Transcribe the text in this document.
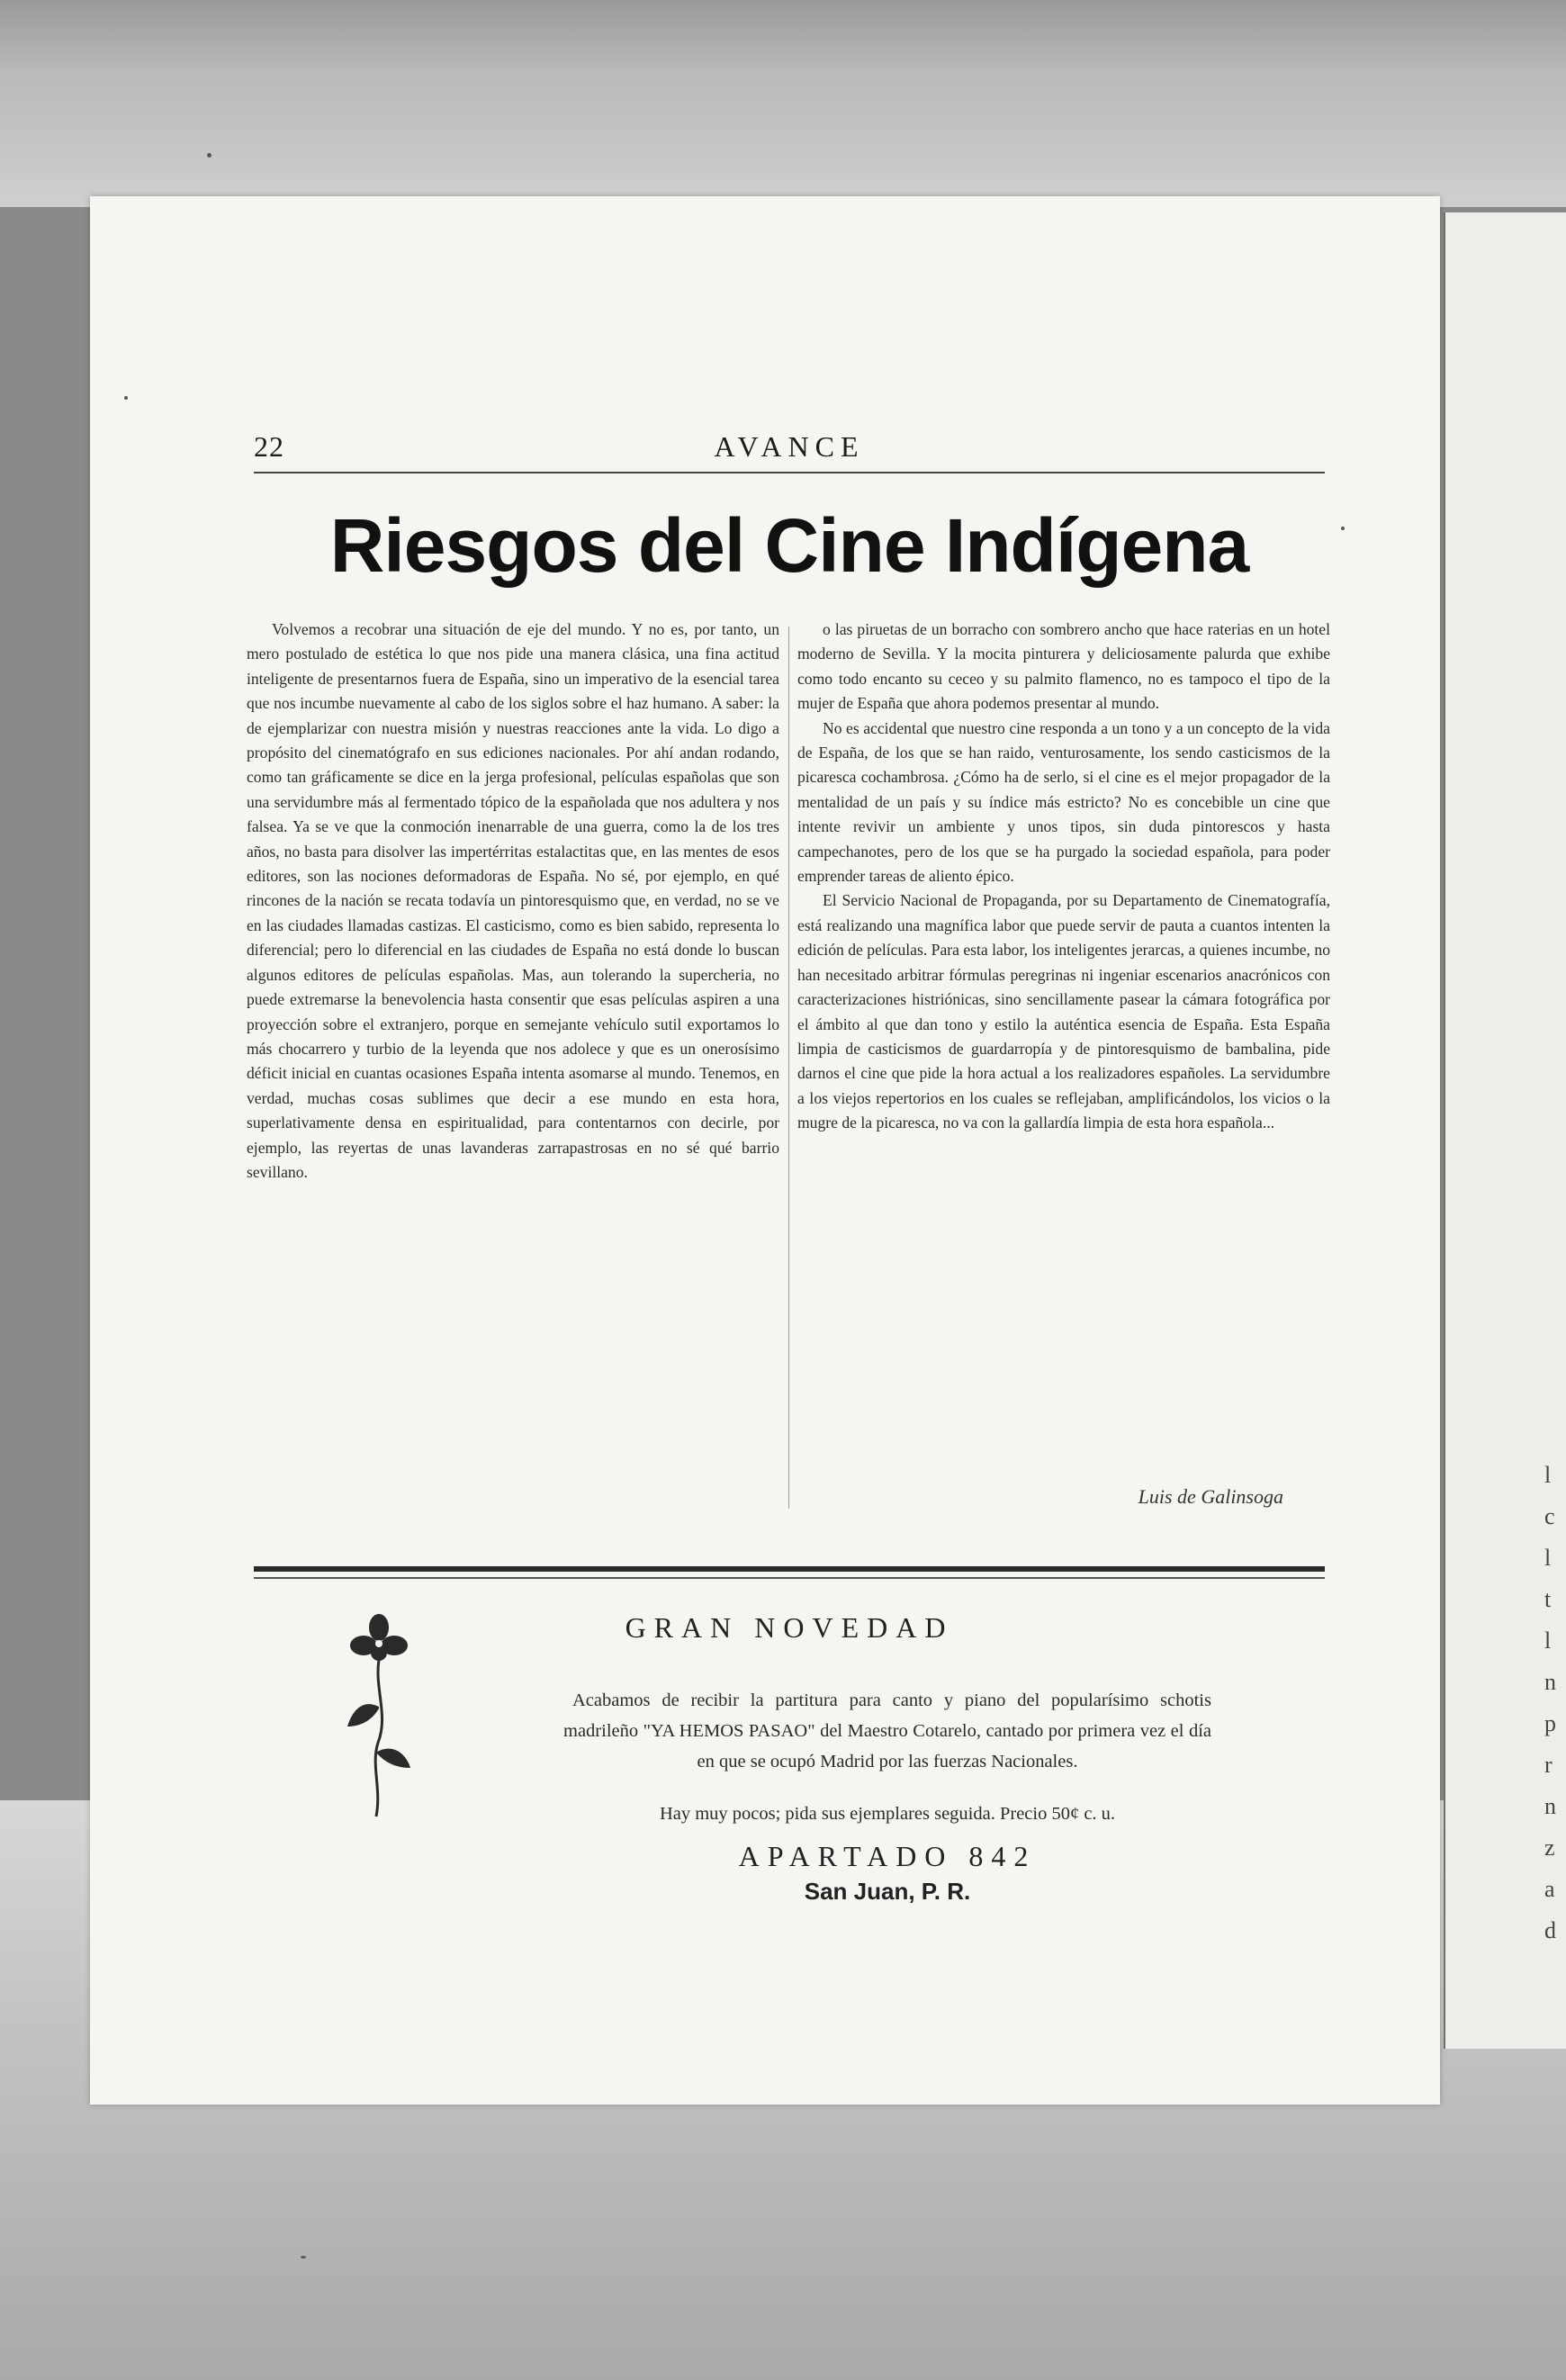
l
c
l
t
l
n
p
r
n
z
a
d
22	AVANCE
Riesgos del Cine Indígena

Volvemos a recobrar una situación de eje del mundo. Y no es, por tanto, un mero postulado de estética lo que nos pide una manera clásica, una fina actitud inteligente de presentarnos fuera de España, sino un imperativo de la esencial tarea que nos incumbe nuevamente al cabo de los siglos sobre el haz humano. A saber: la de ejemplarizar con nuestra misión y nuestras reacciones ante la vida. Lo digo a propósito del cinematógrafo en sus ediciones nacionales. Por ahí andan rodando, como tan gráficamente se dice en la jerga profesional, películas españolas que son una servidumbre más al fermentado tópico de la españolada que nos adultera y nos falsea. Ya se ve que la conmoción inenarrable de una guerra, como la de los tres años, no basta para disolver las impertérritas estalactitas que, en las mentes de esos editores, son las nociones deformadoras de España. No sé, por ejemplo, en qué rincones de la nación se recata todavía un pintoresquismo que, en verdad, no se ve en las ciudades llamadas castizas. El casticismo, como es bien sabido, representa lo diferencial; pero lo diferencial en las ciudades de España no está donde lo buscan algunos editores de películas españolas. Mas, aun tolerando la supercheria, no puede extremarse la benevolencia hasta consentir que esas películas aspiren a una proyección sobre el extranjero, porque en semejante vehículo sutil exportamos lo más chocarrero y turbio de la leyenda que nos adolece y que es un onerosísimo déficit inicial en cuantas ocasiones España intenta asomarse al mundo. Tenemos, en verdad, muchas cosas sublimes que decir a ese mundo en esta hora, superlativamente densa en espiritualidad, para contentarnos con decirle, por ejemplo, las reyertas de unas lavanderas zarrapastrosas en no sé qué barrio sevillano.

o las piruetas de un borracho con sombrero ancho que hace raterias en un hotel moderno de Sevilla. Y la mocita pinturera y deliciosamente palurda que exhibe como todo encanto su ceceo y su palmito flamenco, no es tampoco el tipo de la mujer de España que ahora podemos presentar al mundo.

No es accidental que nuestro cine responda a un tono y a un concepto de la vida de España, de los que se han raido, venturosamente, los sendo casticismos de la picaresca cochambrosa. ¿Cómo ha de serlo, si el cine es el mejor propagador de la mentalidad de un país y su índice más estricto? No es concebible un cine que intente revivir un ambiente y unos tipos, sin duda pintorescos y hasta campechanotes, pero de los que se ha purgado la sociedad española, para poder emprender tareas de aliento épico.

El Servicio Nacional de Propaganda, por su Departamento de Cinematografía, está realizando una magnífica labor que puede servir de pauta a cuantos intenten la edición de películas. Para esta labor, los inteligentes jerarcas, a quienes incumbe, no han necesitado arbitrar fórmulas peregrinas ni ingeniar escenarios anacrónicos con caracterizaciones histriónicas, sino sencillamente pasear la cámara fotográfica por el ámbito al que dan tono y estilo la auténtica esencia de España. Esta España limpia de casticismos de guardarropía y de pintoresquismo de bambalina, pide darnos el cine que pide la hora actual a los realizadores españoles. La servidumbre a los viejos repertorios en los cuales se reflejaban, amplificándolos, los vicios o la mugre de la picaresca, no va con la gallardía limpia de esta hora española...

Luis de Galinsoga
GRAN NOVEDAD

Acabamos de recibir la partitura para canto y piano del popularísimo schotis madrileño "YA HEMOS PASAO" del Maestro Cotarelo, cantado por primera vez el día en que se ocupó Madrid por las fuerzas Nacionales.

Hay muy pocos; pida sus ejemplares seguida. Precio 50¢ c. u.
APARTADO 842
San Juan, P. R.
